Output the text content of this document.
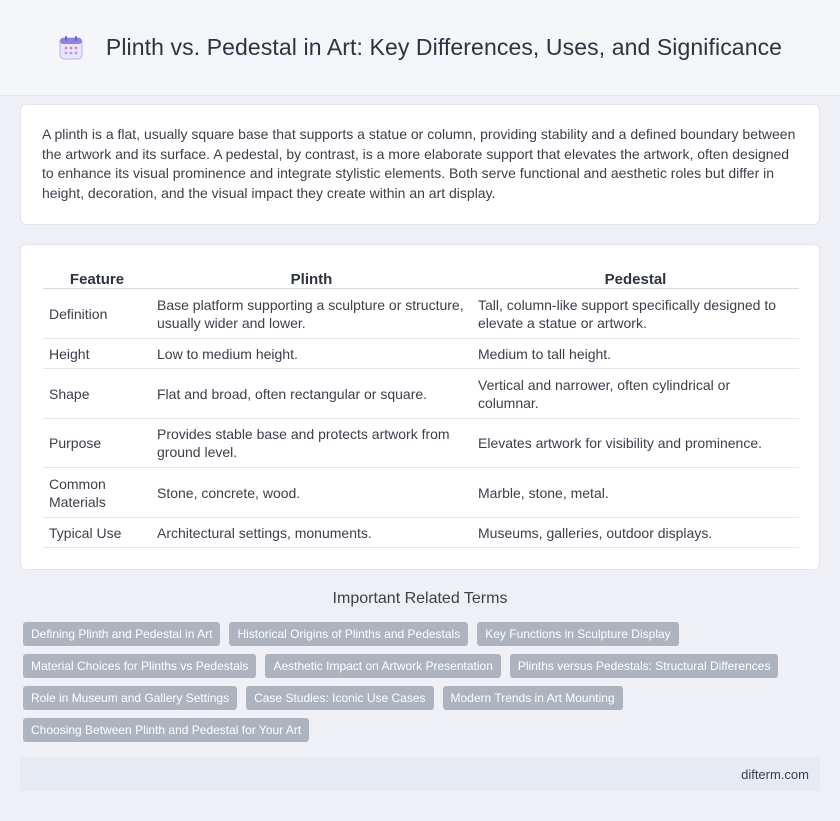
Plinth vs. Pedestal in Art: Key Differences, Uses, and Significance

A plinth is a flat, usually square base that supports a statue or column, providing stability and a defined boundary between the artwork and its surface. A pedestal, by contrast, is a more elaborate support that elevates the artwork, often designed to enhance its visual prominence and integrate stylistic elements. Both serve functional and aesthetic roles but differ in height, decoration, and the visual impact they create within an art display.

Feature	Plinth	Pedestal
Definition	Base platform supporting a sculpture or structure, usually wider and lower.	Tall, column-like support specifically designed to elevate a statue or artwork.
Height	Low to medium height.	Medium to tall height.
Shape	Flat and broad, often rectangular or square.	Vertical and narrower, often cylindrical or columnar.
Purpose	Provides stable base and protects artwork from ground level.	Elevates artwork for visibility and prominence.
Common Materials	Stone, concrete, wood.	Marble, stone, metal.
Typical Use	Architectural settings, monuments.	Museums, galleries, outdoor displays.
Important Related Terms
Defining Plinth and Pedestal in Art	Historical Origins of Plinths and Pedestals	Key Functions in Sculpture Display
Material Choices for Plinths vs Pedestals	Aesthetic Impact on Artwork Presentation	Plinths versus Pedestals: Structural Differences
Role in Museum and Gallery Settings	Case Studies: Iconic Use Cases	Modern Trends in Art Mounting
Choosing Between Plinth and Pedestal for Your Art
difterm.com
